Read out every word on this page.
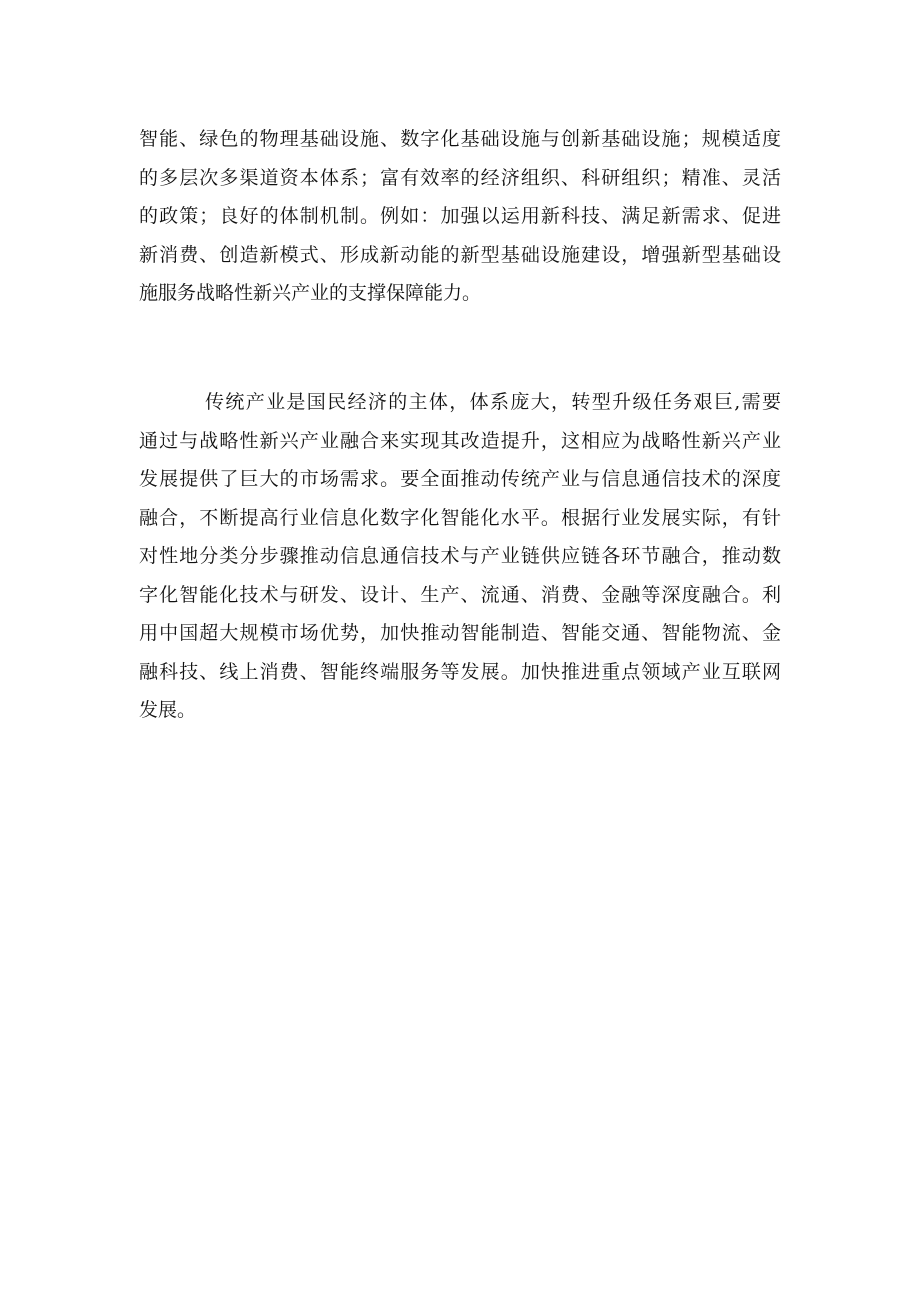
智能、绿色的物理基础设施、数字化基础设施与创新基础设施；规模适度
的多层次多渠道资本体系；富有效率的经济组织、科研组织；精准、灵活
的政策；良好的体制机制。例如：加强以运用新科技、满足新需求、促进
新消费、创造新模式、形成新动能的新型基础设施建设，增强新型基础设
施服务战略性新兴产业的支撑保障能力。
传统产业是国民经济的主体，体系庞大，转型升级任务艰巨,需要
通过与战略性新兴产业融合来实现其改造提升，这相应为战略性新兴产业
发展提供了巨大的市场需求。要全面推动传统产业与信息通信技术的深度
融合，不断提高行业信息化数字化智能化水平。根据行业发展实际，有针
对性地分类分步骤推动信息通信技术与产业链供应链各环节融合，推动数
字化智能化技术与研发、设计、生产、流通、消费、金融等深度融合。利
用中国超大规模市场优势，加快推动智能制造、智能交通、智能物流、金
融科技、线上消费、智能终端服务等发展。加快推进重点领域产业互联网
发展。
